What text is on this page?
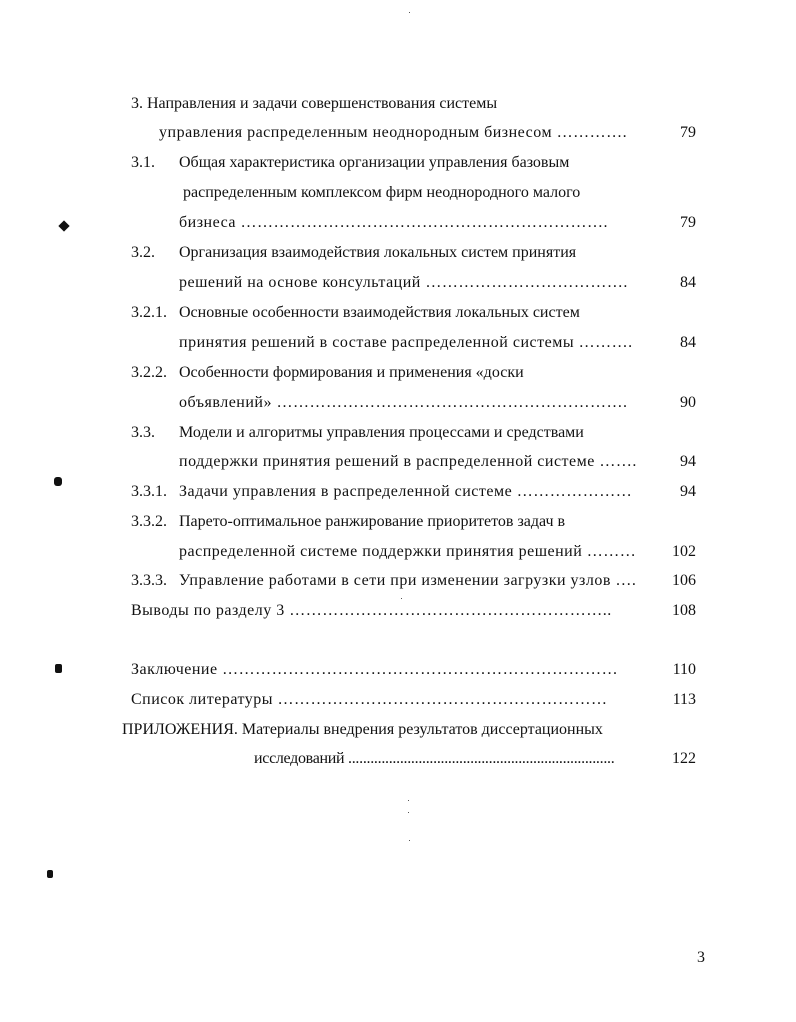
3. Направления и задачи совершенствования системы
управления распределенным неоднородным бизнесом ………….	79
3.1. Общая характеристика организации управления базовым
распределенным комплексом фирм неоднородного малого
бизнеса ………………………………………………………….	79
3.2. Организация взаимодействия локальных систем принятия
решений на основе консультаций ……………………………….	84
3.2.1. Основные особенности взаимодействия локальных систем
принятия решений в составе распределенной системы ……….	84
3.2.2. Особенности формирования и применения «доски
объявлений» ……………………………………………………….	90
3.3. Модели и алгоритмы управления процессами и средствами
поддержки принятия решений в распределенной системе …….	94
3.3.1. Задачи управления в распределенной системе …………………	94
3.3.2. Парето-оптимальное ранжирование приоритетов задач в
распределенной системе поддержки принятия решений ……… 102
3.3.3. Управление работами в сети при изменении загрузки узлов …. 106
Выводы по разделу 3 …………………………………………………..	108
Заключение ………………………………………………………………	110
Список литературы ……………………………………………………	113
ПРИЛОЖЕНИЯ. Материалы внедрения результатов диссертационных
исследований ........................................................................	122
3
